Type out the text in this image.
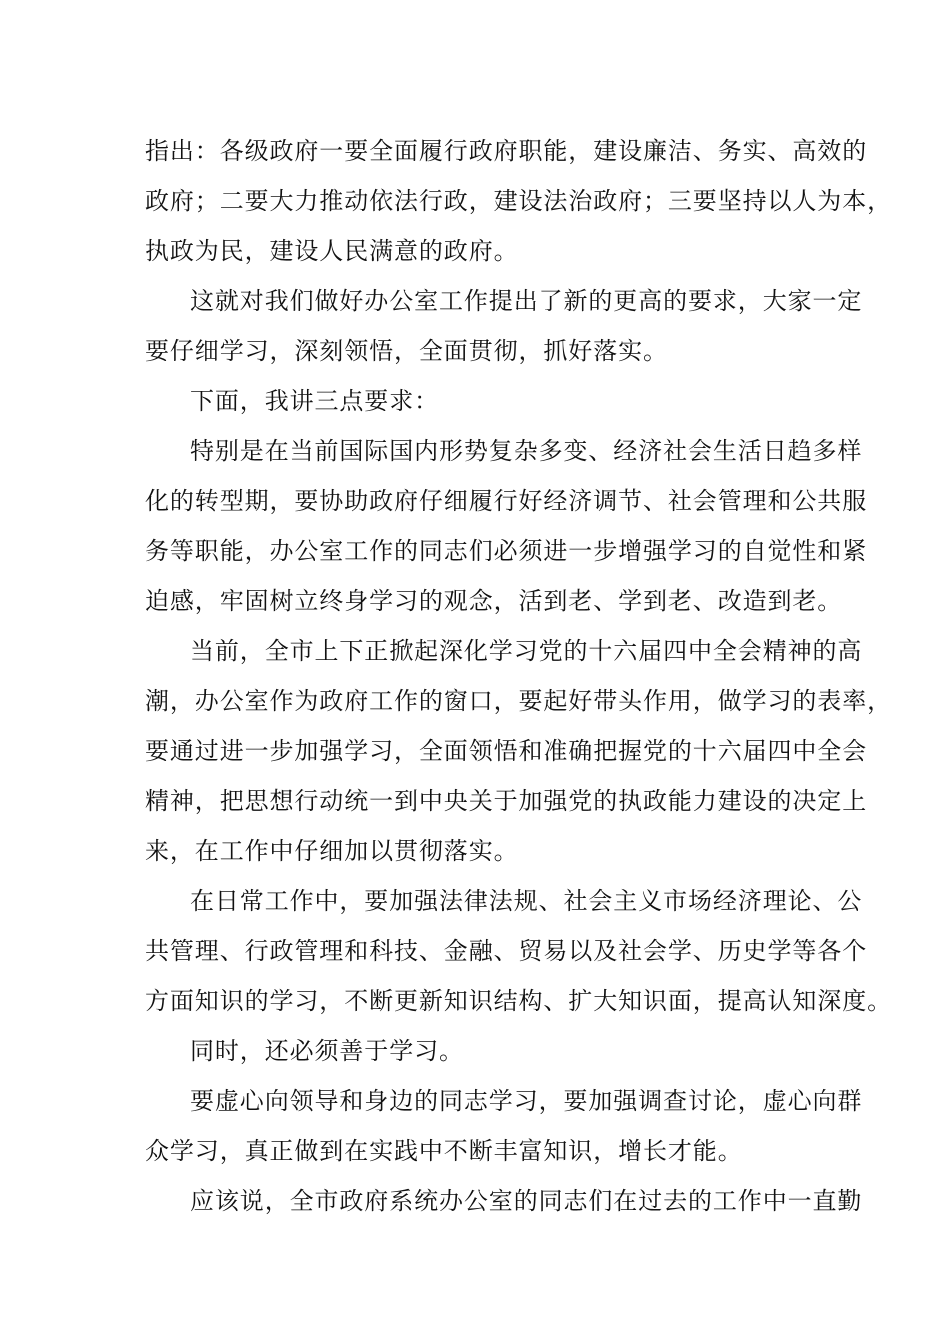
指出：各级政府一要全面履行政府职能，建设廉洁、务实、高效的
政府；二要大力推动依法行政，建设法治政府；三要坚持以人为本，
执政为民，建设人民满意的政府。
这就对我们做好办公室工作提出了新的更高的要求，大家一定
要仔细学习，深刻领悟，全面贯彻，抓好落实。
下面，我讲三点要求：
特别是在当前国际国内形势复杂多变、经济社会生活日趋多样
化的转型期，要协助政府仔细履行好经济调节、社会管理和公共服
务等职能，办公室工作的同志们必须进一步增强学习的自觉性和紧
迫感，牢固树立终身学习的观念，活到老、学到老、改造到老。
当前，全市上下正掀起深化学习党的十六届四中全会精神的高
潮，办公室作为政府工作的窗口，要起好带头作用，做学习的表率，
要通过进一步加强学习，全面领悟和准确把握党的十六届四中全会
精神，把思想行动统一到中央关于加强党的执政能力建设的决定上
来，在工作中仔细加以贯彻落实。
在日常工作中，要加强法律法规、社会主义市场经济理论、公
共管理、行政管理和科技、金融、贸易以及社会学、历史学等各个
方面知识的学习，不断更新知识结构、扩大知识面，提高认知深度。
同时，还必须善于学习。
要虚心向领导和身边的同志学习，要加强调查讨论，虚心向群
众学习，真正做到在实践中不断丰富知识，增长才能。
应该说，全市政府系统办公室的同志们在过去的工作中一直勤
